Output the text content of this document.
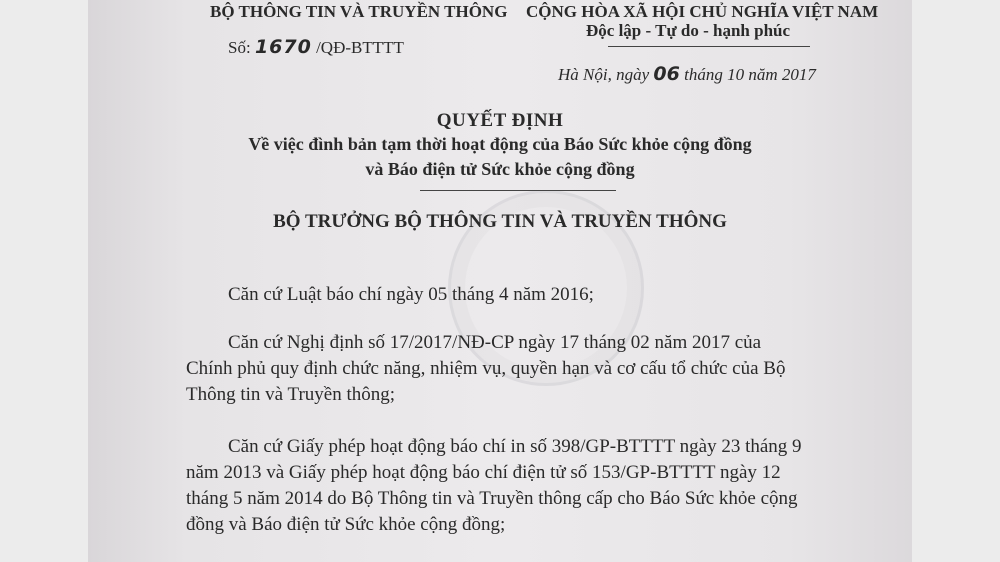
BỘ THÔNG TIN VÀ TRUYỀN THÔNG CỘNG HÒA XÃ HỘI CHỦ NGHĨA VIỆT NAM
Độc lập - Tự do - hạnh phúc
Số: 1670 /QĐ-BTTTT
Hà Nội, ngày 06 tháng 10 năm 2017
QUYẾT ĐỊNH
Về việc đình bản tạm thời hoạt động của Báo Sức khỏe cộng đồng
và Báo điện tử Sức khỏe cộng đồng
BỘ TRƯỞNG BỘ THÔNG TIN VÀ TRUYỀN THÔNG
Căn cứ Luật báo chí ngày 05 tháng 4 năm 2016;
Căn cứ Nghị định số 17/2017/NĐ-CP ngày 17 tháng 02 năm 2017 của
Chính phủ quy định chức năng, nhiệm vụ, quyền hạn và cơ cấu tổ chức của Bộ
Thông tin và Truyền thông;
Căn cứ Giấy phép hoạt động báo chí in số 398/GP-BTTTT ngày 23 tháng 9
năm 2013 và Giấy phép hoạt động báo chí điện tử số 153/GP-BTTTT ngày 12
tháng 5 năm 2014 do Bộ Thông tin và Truyền thông cấp cho Báo Sức khỏe cộng
đồng và Báo điện tử Sức khỏe cộng đồng;
